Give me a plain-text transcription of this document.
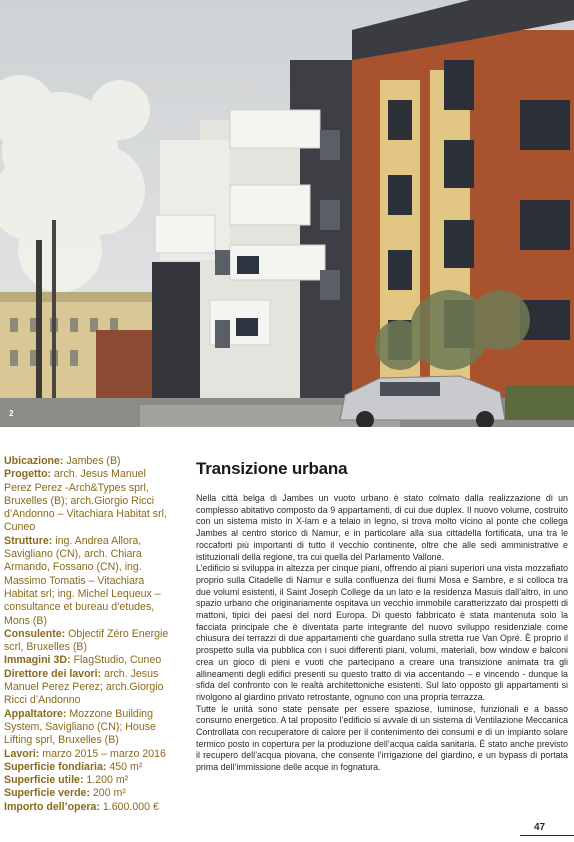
2

Ubicazione: Jambes (B)

Progetto: arch. Jesus Manuel Perez Perez -Arch&Types sprl, Bruxelles (B); arch.Giorgio Ricci d’Andonno – Vitachiara Habitat srl, Cuneo

Strutture: ing. Andrea Allora, Savigliano (CN), arch. Chiara Armando, Fossano (CN), ing. Massimo Tomatis – Vitachiara Habitat srl; ing. Michel Lequeux – consultance et bureau d’etudes, Mons (B)

Consulente: Objectif Zéro Energie scrl, Bruxelles (B)

Immagini 3D: FlagStudio, Cuneo

Direttore dei lavori: arch. Jesus Manuel Perez Perez; arch.Giorgio Ricci d’Andonno

Appaltatore: Mozzone Building System, Savigliano (CN); House Lifting sprl, Bruxelles (B)

Lavori: marzo 2015 – marzo 2016

Superficie fondiaria: 450 m²

Superficie utile: 1.200 m²

Superficie verde: 200 m²

Importo dell’opera: 1.600.000 €

Transizione urbana

Nella città belga di Jambes un vuoto urbano è stato colmato dalla realizzazione di un complesso abitativo composto da 9 appartamenti, di cui due duplex. Il nuovo volume, costruito con un sistema misto in X-lam e a telaio in legno, si trova molto vicino al ponte che collega Jambes al centro storico di Namur, e in particolare alla sua cittadella fortificata, una tra le roccaforti più importanti di tutto il vecchio continente, oltre che alle sedi amministrative e istituzionali della regione, tra cui quella del Parlamento Vallone.

L’edificio si sviluppa in altezza per cinque piani, offrendo ai piani superiori una vista mozzafiato proprio sulla Citadelle di Namur e sulla confluenza dei fiumi Mosa e Sambre, e si colloca tra due volumi esistenti, il Saint Joseph College da un lato e la residenza Masuis dall’altro, in uno spazio urbano che originariamente ospitava un vecchio immobile caratterizzato dai prospetti di mattoni, tipici dei paesi del nord Europa. Di questo fabbricato è stata mantenuta solo la facciata principale che è diventata parte integrante del nuovo sviluppo residenziale come chiusura dei terrazzi di due appartamenti che guardano sulla stretta rue Van Opré. È proprio il prospetto sulla via pubblica con i suoi differenti piani, volumi, materiali, bow window e balconi crea un gioco di pieni e vuoti che partecipano a creare una transizione animata tra gli allineamenti degli edifici presenti su questo tratto di via accentando – e vincendo - dunque la sfida del confronto con le realtà architettoniche esistenti. Sul lato opposto gli appartamenti si rivolgono al giardino privato retrostante, ognuno con una propria terrazza.

Tutte le unità sono state pensate per essere spaziose, luminose, funzionali e a basso consumo energetico. A tal proposito l’edificio si avvale di un sistema di Ventilazione Meccanica Controllata con recuperatore di calore per il contenimento dei consumi e di un impianto solare termico posto in copertura per la produzione dell’acqua calda sanitaria. È stato anche previsto il recupero dell’acqua piovana, che consente l’irrigazione del giardino, e un bypass di portata prima dell’immissione delle acque in fognatura.

47
